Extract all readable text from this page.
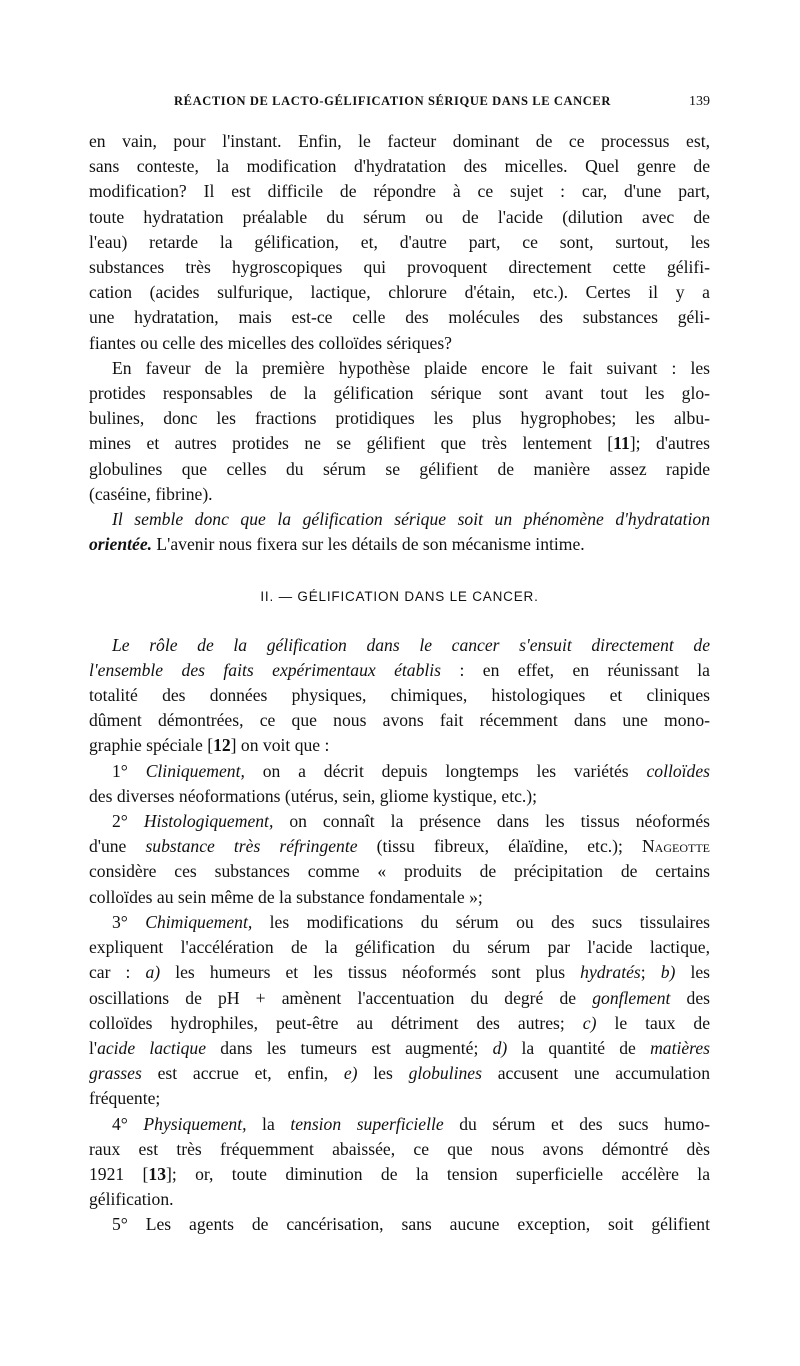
RÉACTION DE LACTO-GÉLIFICATION SÉRIQUE DANS LE CANCER	139

en vain, pour l'instant. Enfin, le facteur dominant de ce processus est,

sans conteste, la modification d'hydratation des micelles. Quel genre de

modification? Il est difficile de répondre à ce sujet : car, d'une part,

toute hydratation préalable du sérum ou de l'acide (dilution avec de

l'eau) retarde la gélification, et, d'autre part, ce sont, surtout, les

substances très hygroscopiques qui provoquent directement cette gélifi-

cation (acides sulfurique, lactique, chlorure d'étain, etc.). Certes il y a

une hydratation, mais est-ce celle des molécules des substances géli-

fiantes ou celle des micelles des colloïdes sériques?

En faveur de la première hypothèse plaide encore le fait suivant : les

protides responsables de la gélification sérique sont avant tout les glo-

bulines, donc les fractions protidiques les plus hygrophobes; les albu-

mines et autres protides ne se gélifient que très lentement [11]; d'autres

globulines que celles du sérum se gélifient de manière assez rapide

(caséine, fibrine).

Il semble donc que la gélification sérique soit un phénomène d'hydratation

orientée. L'avenir nous fixera sur les détails de son mécanisme intime.

II. — GÉLIFICATION DANS LE CANCER.

Le rôle de la gélification dans le cancer s'ensuit directement de

l'ensemble des faits expérimentaux établis : en effet, en réunissant la

totalité des données physiques, chimiques, histologiques et cliniques

dûment démontrées, ce que nous avons fait récemment dans une mono-

graphie spéciale [12] on voit que :

1° Cliniquement, on a décrit depuis longtemps les variétés colloïdes

des diverses néoformations (utérus, sein, gliome kystique, etc.);

2° Histologiquement, on connaît la présence dans les tissus néoformés

d'une substance très réfringente (tissu fibreux, élaïdine, etc.); Nageotte

considère ces substances comme « produits de précipitation de certains

colloïdes au sein même de la substance fondamentale »;

3° Chimiquement, les modifications du sérum ou des sucs tissulaires

expliquent l'accélération de la gélification du sérum par l'acide lactique,

car : a) les humeurs et les tissus néoformés sont plus hydratés; b) les

oscillations de pH + amènent l'accentuation du degré de gonflement des

colloïdes hydrophiles, peut-être au détriment des autres; c) le taux de

l'acide lactique dans les tumeurs est augmenté; d) la quantité de matières

grasses est accrue et, enfin, e) les globulines accusent une accumulation

fréquente;

4° Physiquement, la tension superficielle du sérum et des sucs humo-

raux est très fréquemment abaissée, ce que nous avons démontré dès

1921 [13]; or, toute diminution de la tension superficielle accélère la

gélification.

5° Les agents de cancérisation, sans aucune exception, soit gélifient
